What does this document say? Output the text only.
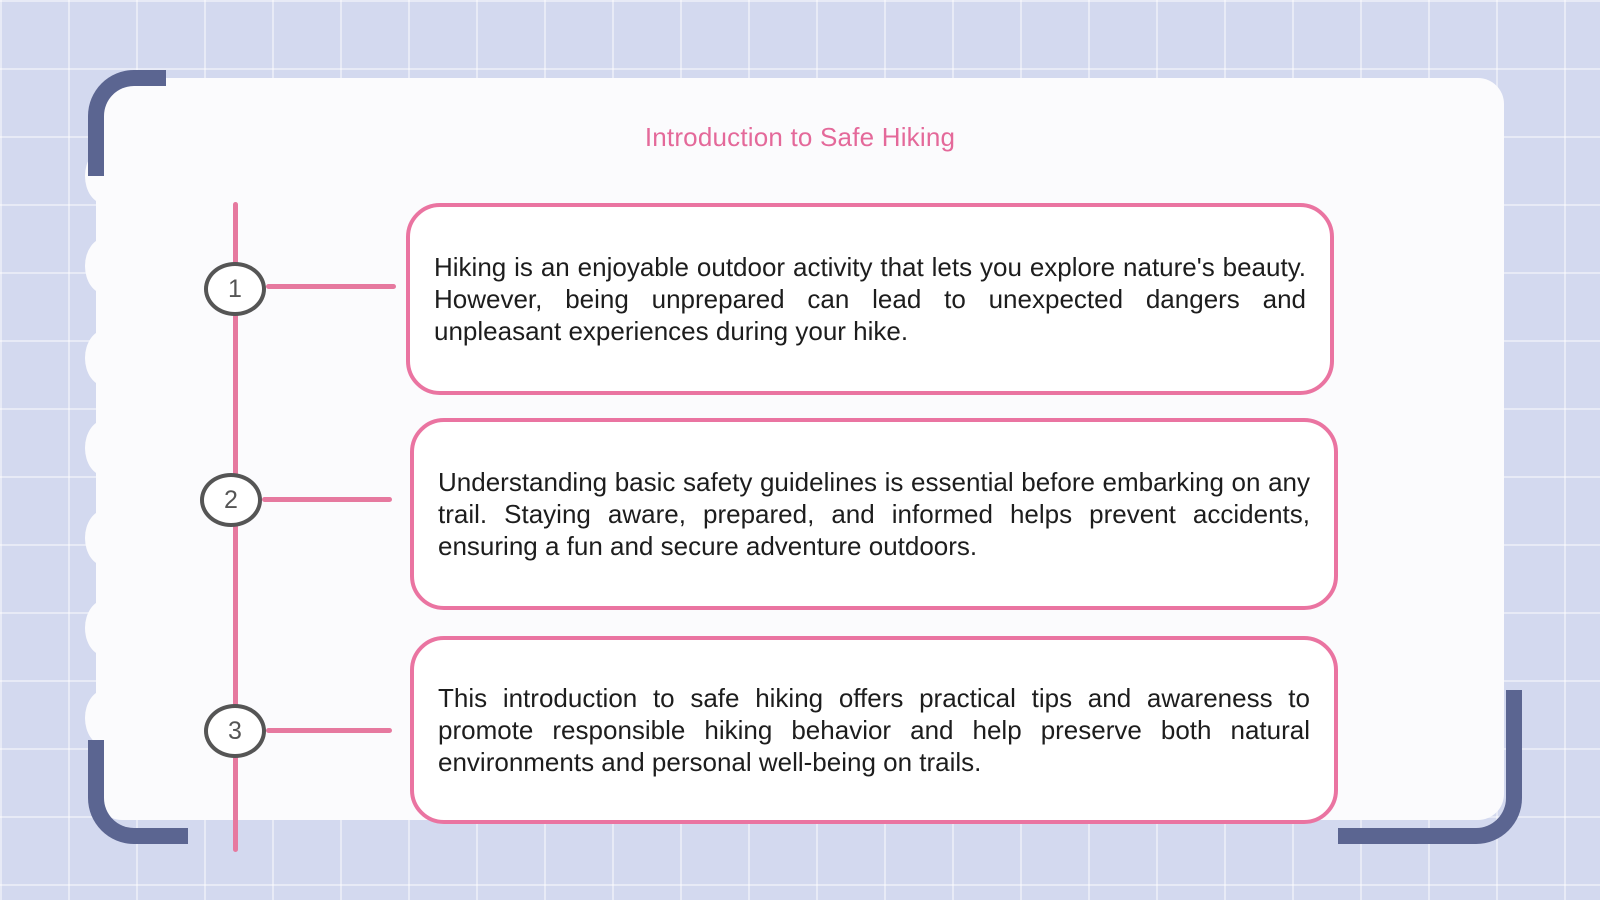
Introduction to Safe Hiking
1
2
3

Hiking is an enjoyable outdoor activity that lets you explore nature's beauty. However, being unprepared can lead to unexpected dangers and unpleasant experiences during your hike.

Understanding basic safety guidelines is essential before embarking on any trail. Staying aware, prepared, and informed helps prevent accidents, ensuring a fun and secure adventure outdoors.

This introduction to safe hiking offers practical tips and awareness to promote responsible hiking behavior and help preserve both natural environments and personal well-being on trails.
